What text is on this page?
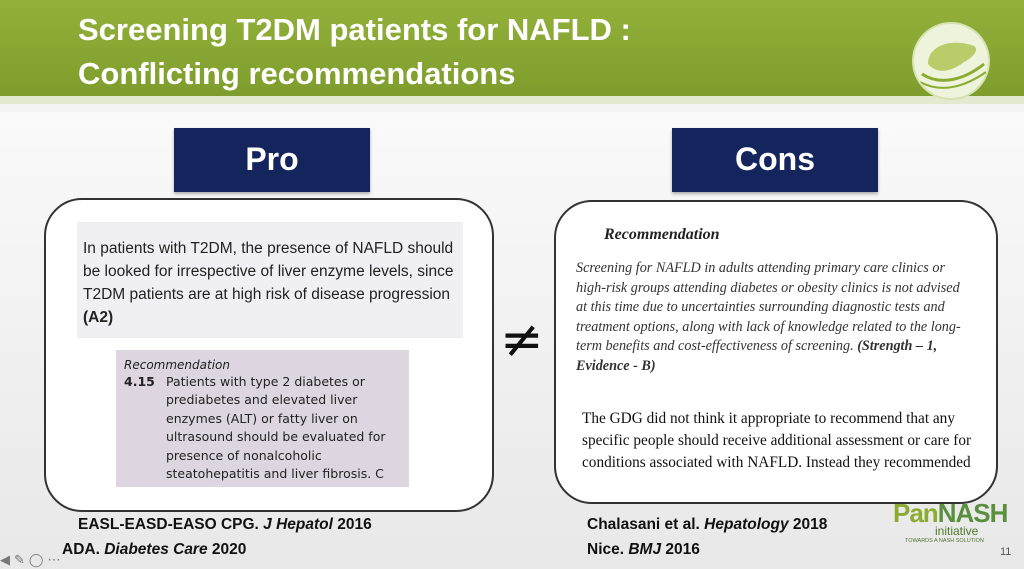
Screening T2DM patients for NAFLD :
Conflicting recommendations
Pro
In patients with T2DM, the presence of NAFLD should be looked for irrespective of liver enzyme levels, since T2DM patients are at high risk of disease progression (A2)
Recommendation
4.15 Patients with type 2 diabetes or prediabetes and elevated liver enzymes (ALT) or fatty liver on ultrasound should be evaluated for presence of nonalcoholic steatohepatitis and liver fibrosis. C
EASL-EASD-EASO CPG. J Hepatol 2016
ADA. Diabetes Care 2020
≠
Cons
Recommendation
Screening for NAFLD in adults attending primary care clinics or high-risk groups attending diabetes or obesity clinics is not advised at this time due to uncertainties surrounding diagnostic tests and treatment options, along with lack of knowledge related to the long-term benefits and cost-effectiveness of screening. (Strength – 1, Evidence - B)
The GDG did not think it appropriate to recommend that any specific people should receive additional assessment or care for conditions associated with NAFLD. Instead they recommended
Chalasani et al. Hepatology 2018
Nice. BMJ 2016
PanNASH
initiative
TOWARDS A NASH SOLUTION
11
◀ ✎ ◯ ⋯
